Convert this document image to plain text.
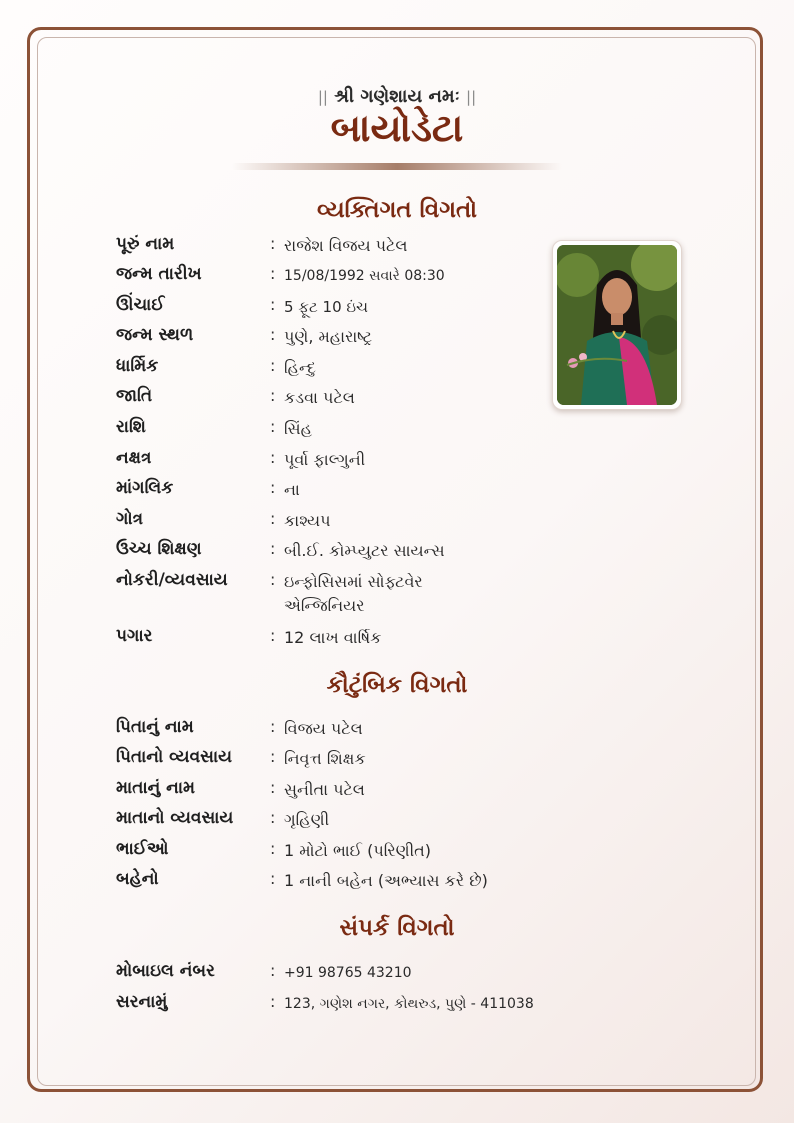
|| શ્રી ગણેશાય નમઃ ||
બાયોડેટા
વ્યક્તિગત વિગતો
પૂરું નામ	: રાજેશ વિજય પટેલ
જન્મ તારીખ	: 15/08/1992 સવારે 08:30
ઊંચાઈ	: 5 ફૂટ 10 ઇંચ
જન્મ સ્થળ	: પુણે, મહારાષ્ટ્ર
ધાર્મિક	: હિન્દુ
જાતિ	: કડવા પટેલ
રાશિ	: સિંહ
નક્ષત્ર	: પૂર્વા ફાલ્ગુની
માંગલિક	: ના
ગોત્ર	: કાશ્યપ
ઉચ્ચ શિક્ષણ	: બી.ઈ. કોમ્પ્યુટર સાયન્સ
નોકરી/વ્યવસાય	: ઇન્ફોસિસમાં સોફ્ટવેર એન્જિનિયર
પગાર	: 12 લાખ વાર્ષિક
કૌટુંબિક વિગતો
પિતાનું નામ	: વિજય પટેલ
પિતાનો વ્યવસાય : નિવૃત્ત શિક્ષક
માતાનું નામ	: સુનીતા પટેલ
માતાનો વ્યવસાય : ગૃહિણી
ભાઈઓ	: 1 મોટો ભાઈ (પરિણીત)
બહેનો	: 1 નાની બહેન (અભ્યાસ કરે છે)
સંપર્ક વિગતો
મોબાઇલ નંબર	: +91 98765 43210
સરનામું	: 123, ગણેશ નગર, કોથરુડ, પુણે - 411038
